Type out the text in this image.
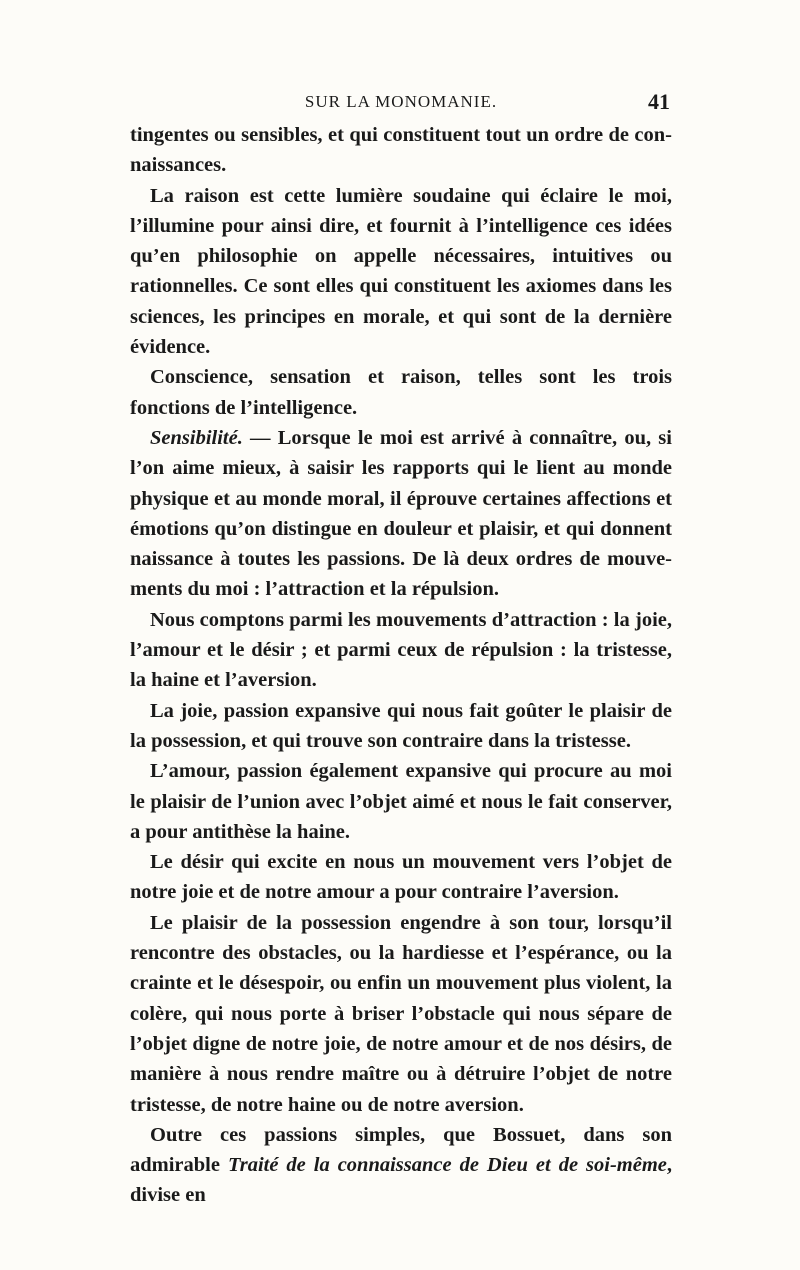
SUR LA MONOMANIE.	41

tingentes ou sensibles, et qui constituent tout un ordre de connaissances.

La raison est cette lumière soudaine qui éclaire le moi, l’illumine pour ainsi dire, et fournit à l’intelligence ces idées qu’en philosophie on appelle nécessaires, intuitives ou rationnelles. Ce sont elles qui constituent les axiomes dans les sciences, les principes en morale, et qui sont de la dernière évidence.

Conscience, sensation et raison, telles sont les trois fonctions de l’intelligence.

Sensibilité. — Lorsque le moi est arrivé à connaître, ou, si l’on aime mieux, à saisir les rapports qui le lient au monde physique et au monde moral, il éprouve certaines affections et émotions qu’on distingue en douleur et plaisir, et qui donnent naissance à toutes les passions. De là deux ordres de mouvements du moi : l’attraction et la répulsion.

Nous comptons parmi les mouvements d’attraction : la joie, l’amour et le désir ; et parmi ceux de répulsion : la tristesse, la haine et l’aversion.

La joie, passion expansive qui nous fait goûter le plaisir de la possession, et qui trouve son contraire dans la tristesse.

L’amour, passion également expansive qui procure au moi le plaisir de l’union avec l’objet aimé et nous le fait conserver, a pour antithèse la haine.

Le désir qui excite en nous un mouvement vers l’objet de notre joie et de notre amour a pour contraire l’aversion.

Le plaisir de la possession engendre à son tour, lorsqu’il rencontre des obstacles, ou la hardiesse et l’espérance, ou la crainte et le désespoir, ou enfin un mouvement plus violent, la colère, qui nous porte à briser l’obstacle qui nous sépare de l’objet digne de notre joie, de notre amour et de nos désirs, de manière à nous rendre maître ou à détruire l’objet de notre tristesse, de notre haine ou de notre aversion.

Outre ces passions simples, que Bossuet, dans son admirable Traité de la connaissance de Dieu et de soi-même, divise en
